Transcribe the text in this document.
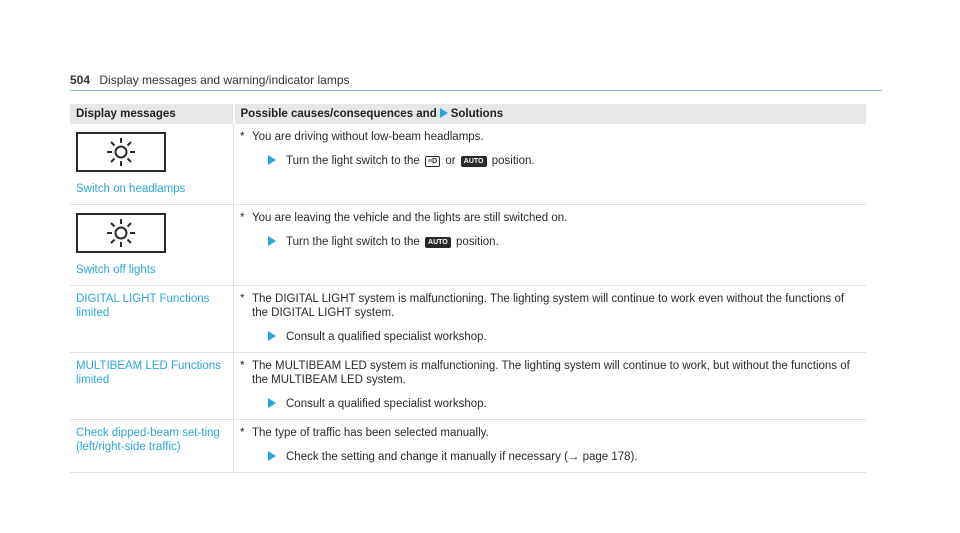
504 Display messages and warning/indicator lamps
Display messages	Possible causes/consequences and Solutions

Switch on headlamps	* You are driving without low-beam headlamps.
Turn the light switch to the ≡D or AUTO position.

Switch off lights	* You are leaving the vehicle and the lights are still switched on.
Turn the light switch to the AUTO position.

DIGITAL LIGHT Functions limited	* The DIGITAL LIGHT system is malfunctioning. The lighting system will continue to work even without the functions of the DIGITAL LIGHT system.
Consult a qualified specialist workshop.

MULTIBEAM LED Functions limited	* The MULTIBEAM LED system is malfunctioning. The lighting system will continue to work, but without the functions of the MULTIBEAM LED system.
Consult a qualified specialist workshop.

Check dipped-beam set-ting (left/right-side traffic)	* The type of traffic has been selected manually.
Check the setting and change it manually if necessary (→ page 178).
